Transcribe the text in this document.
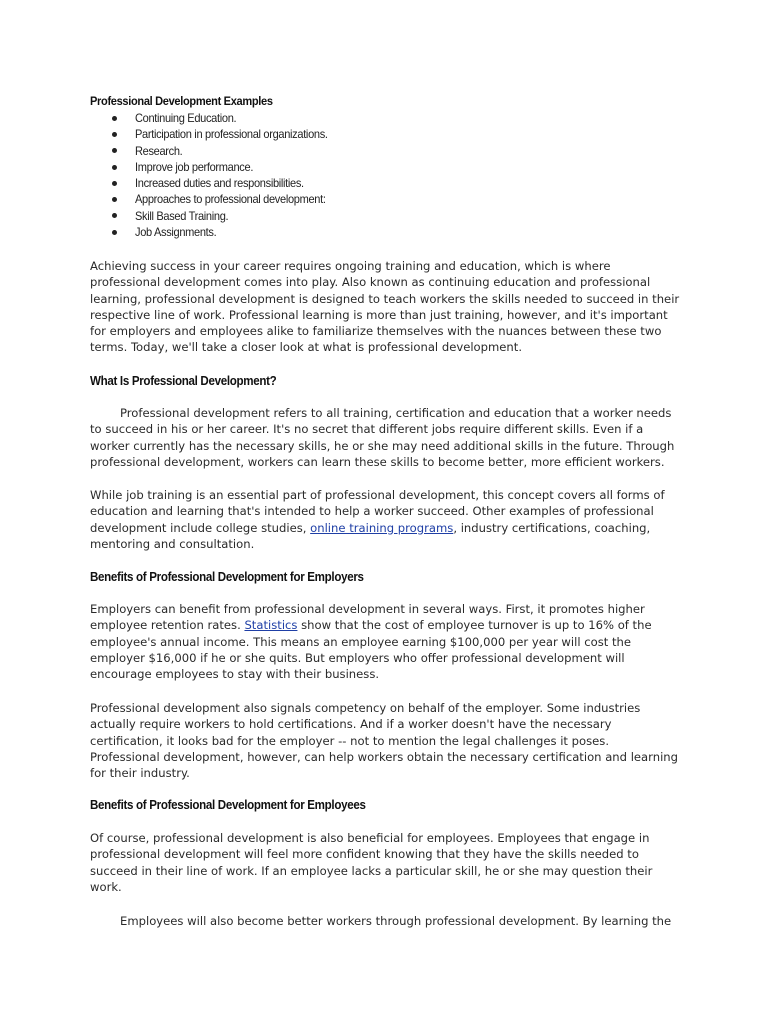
Professional Development Examples
Continuing Education.
Participation in professional organizations.
Research.
Improve job performance.
Increased duties and responsibilities.
Approaches to professional development:
Skill Based Training.
Job Assignments.

Achieving success in your career requires ongoing training and education, which is where professional development comes into play. Also known as continuing education and professional learning, professional development is designed to teach workers the skills needed to succeed in their respective line of work. Professional learning is more than just training, however, and it's important for employers and employees alike to familiarize themselves with the nuances between these two terms. Today, we'll take a closer look at what is professional development.

What Is Professional Development?

Professional development refers to all training, certification and education that a worker needs to succeed in his or her career. It's no secret that different jobs require different skills. Even if a worker currently has the necessary skills, he or she may need additional skills in the future. Through professional development, workers can learn these skills to become better, more efficient workers.

While job training is an essential part of professional development, this concept covers all forms of education and learning that's intended to help a worker succeed. Other examples of professional development include college studies, online training programs, industry certifications, coaching, mentoring and consultation.

Benefits of Professional Development for Employers

Employers can benefit from professional development in several ways. First, it promotes higher employee retention rates. Statistics show that the cost of employee turnover is up to 16% of the employee's annual income. This means an employee earning $100,000 per year will cost the employer $16,000 if he or she quits. But employers who offer professional development will encourage employees to stay with their business.

Professional development also signals competency on behalf of the employer. Some industries actually require workers to hold certifications. And if a worker doesn't have the necessary certification, it looks bad for the employer -- not to mention the legal challenges it poses. Professional development, however, can help workers obtain the necessary certification and learning for their industry.

Benefits of Professional Development for Employees

Of course, professional development is also beneficial for employees. Employees that engage in professional development will feel more confident knowing that they have the skills needed to succeed in their line of work. If an employee lacks a particular skill, he or she may question their work.

Employees will also become better workers through professional development. By learning the
